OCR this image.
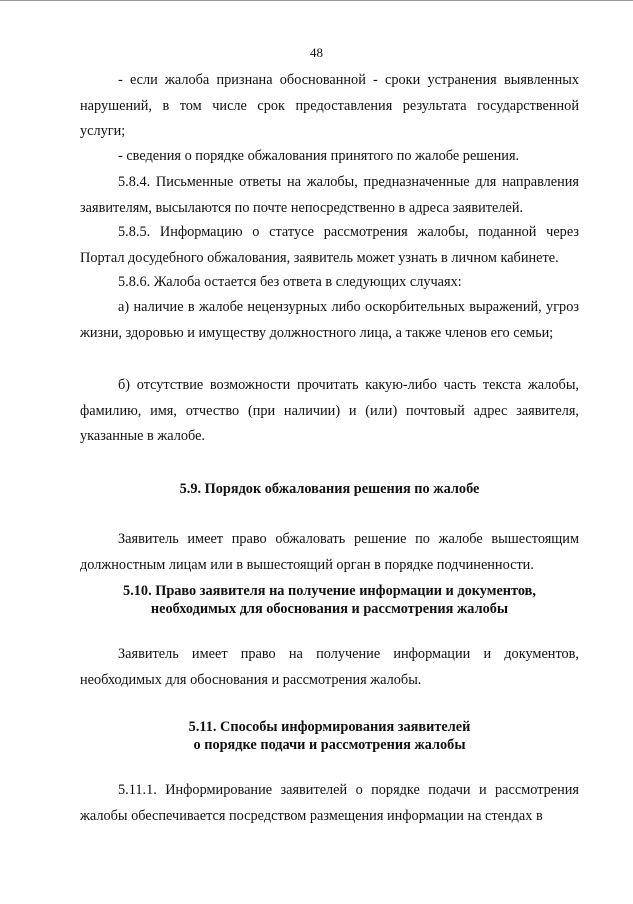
48

- если жалоба признана обоснованной - сроки устранения выявленных нарушений, в том числе срок предоставления результата государственной услуги;

- сведения о порядке обжалования принятого по жалобе решения.

5.8.4. Письменные ответы на жалобы, предназначенные для направления заявителям, высылаются по почте непосредственно в адреса заявителей.

5.8.5. Информацию о статусе рассмотрения жалобы, поданной через Портал досудебного обжалования, заявитель может узнать в личном кабинете.

5.8.6. Жалоба остается без ответа в следующих случаях:

а) наличие в жалобе нецензурных либо оскорбительных выражений, угроз жизни, здоровью и имуществу должностного лица, а также членов его семьи;

б) отсутствие возможности прочитать какую-либо часть текста жалобы, фамилию, имя, отчество (при наличии) и (или) почтовый адрес заявителя, указанные в жалобе.

5.9. Порядок обжалования решения по жалобе

Заявитель имеет право обжаловать решение по жалобе вышестоящим должностным лицам или в вышестоящий орган в порядке подчиненности.

5.10. Право заявителя на получение информации и документов,
необходимых для обоснования и рассмотрения жалобы

Заявитель имеет право на получение информации и документов, необходимых для обоснования и рассмотрения жалобы.

5.11. Способы информирования заявителей
о порядке подачи и рассмотрения жалобы

5.11.1. Информирование заявителей о порядке подачи и рассмотрения жалобы обеспечивается посредством размещения информации на стендах в
